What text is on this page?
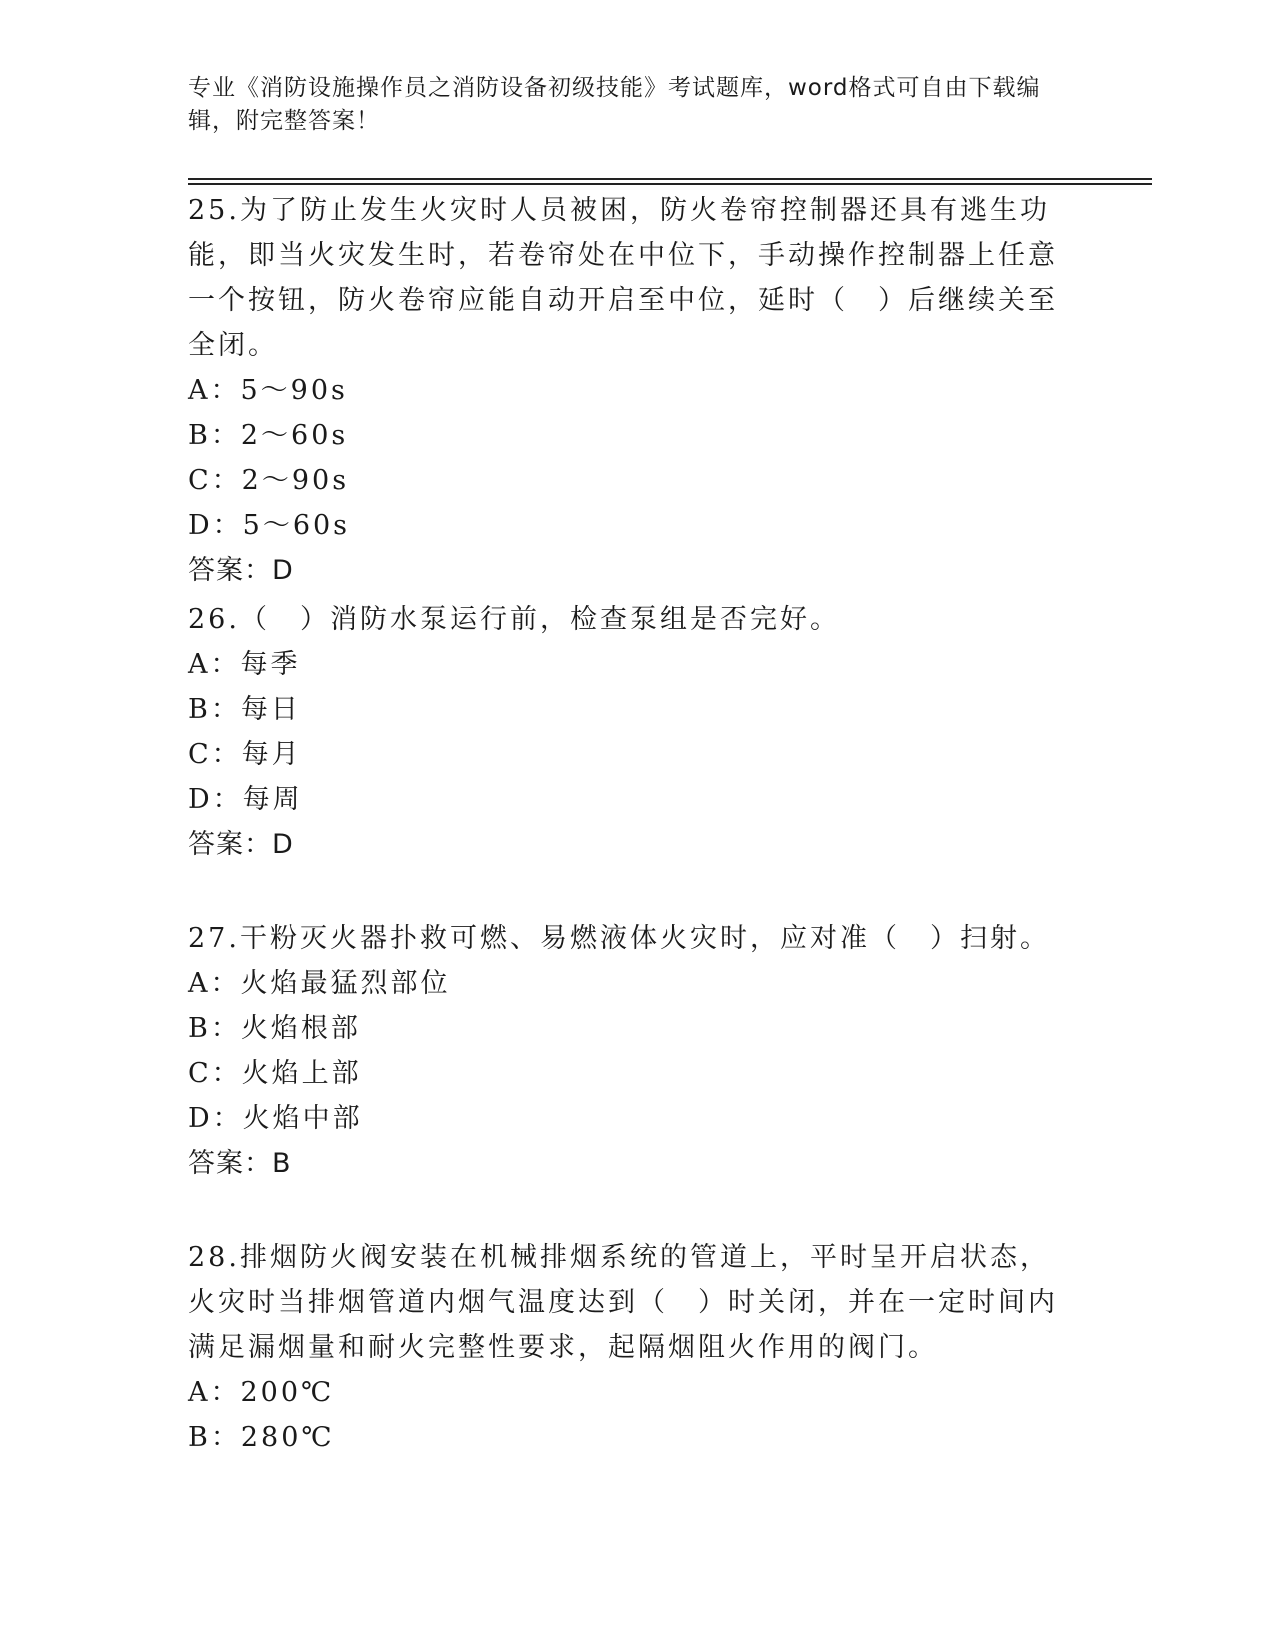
专业《消防设施操作员之消防设备初级技能》考试题库，word格式可自由下载编辑，附完整答案！

25.为了防止发生火灾时人员被困，防火卷帘控制器还具有逃生功能，即当火灾发生时，若卷帘处在中位下，手动操作控制器上任意一个按钮，防火卷帘应能自动开启至中位，延时（　）后继续关至全闭。

A：5～90s

B：2～60s

C：2～90s

D：5～60s

答案：D

26.（　）消防水泵运行前，检查泵组是否完好。

A：每季

B：每日

C：每月

D：每周

答案：D

27.干粉灭火器扑救可燃、易燃液体火灾时，应对准（　）扫射。

A：火焰最猛烈部位

B：火焰根部

C：火焰上部

D：火焰中部

答案：B

28.排烟防火阀安装在机械排烟系统的管道上，平时呈开启状态，火灾时当排烟管道内烟气温度达到（　）时关闭，并在一定时间内满足漏烟量和耐火完整性要求，起隔烟阻火作用的阀门。

A：200℃

B：280℃
